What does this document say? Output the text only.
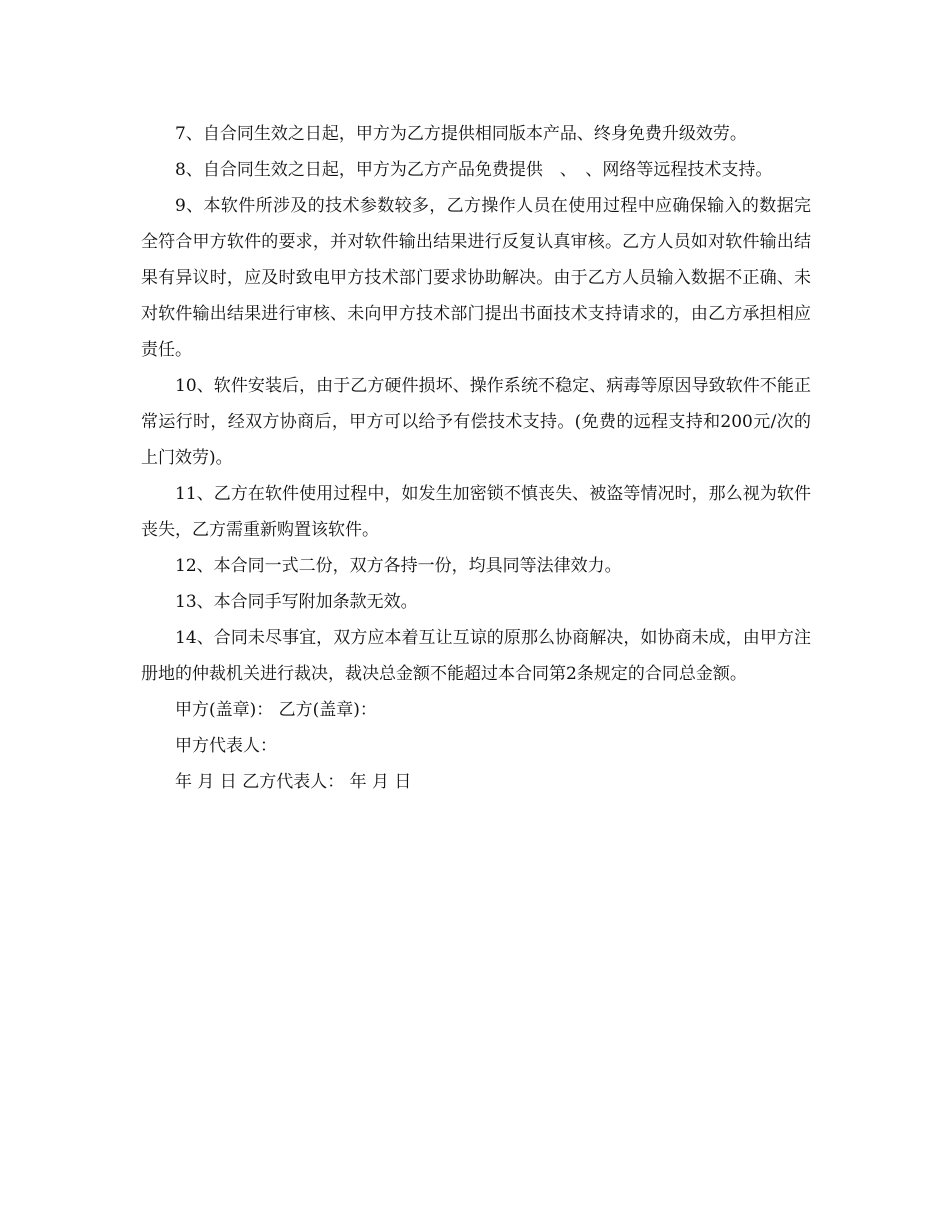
7、自合同生效之日起，甲方为乙方提供相同版本产品、终身免费升级效劳。

8、自合同生效之日起，甲方为乙方产品免费提供　、　、网络等远程技术支持。

9、本软件所涉及的技术参数较多，乙方操作人员在使用过程中应确保输入的数据完全符合甲方软件的要求，并对软件输出结果进行反复认真审核。乙方人员如对软件输出结果有异议时，应及时致电甲方技术部门要求协助解决。由于乙方人员输入数据不正确、未对软件输出结果进行审核、未向甲方技术部门提出书面技术支持请求的，由乙方承担相应责任。

10、软件安装后，由于乙方硬件损坏、操作系统不稳定、病毒等原因导致软件不能正常运行时，经双方协商后，甲方可以给予有偿技术支持。(免费的远程支持和200元/次的上门效劳)。

11、乙方在软件使用过程中，如发生加密锁不慎丧失、被盗等情况时，那么视为软件丧失，乙方需重新购置该软件。

12、本合同一式二份，双方各持一份，均具同等法律效力。

13、本合同手写附加条款无效。

14、合同未尽事宜，双方应本着互让互谅的原那么协商解决，如协商未成，由甲方注册地的仲裁机关进行裁决，裁决总金额不能超过本合同第2条规定的合同总金额。

甲方(盖章)： 乙方(盖章)：

甲方代表人：

年 月 日 乙方代表人： 年 月 日
